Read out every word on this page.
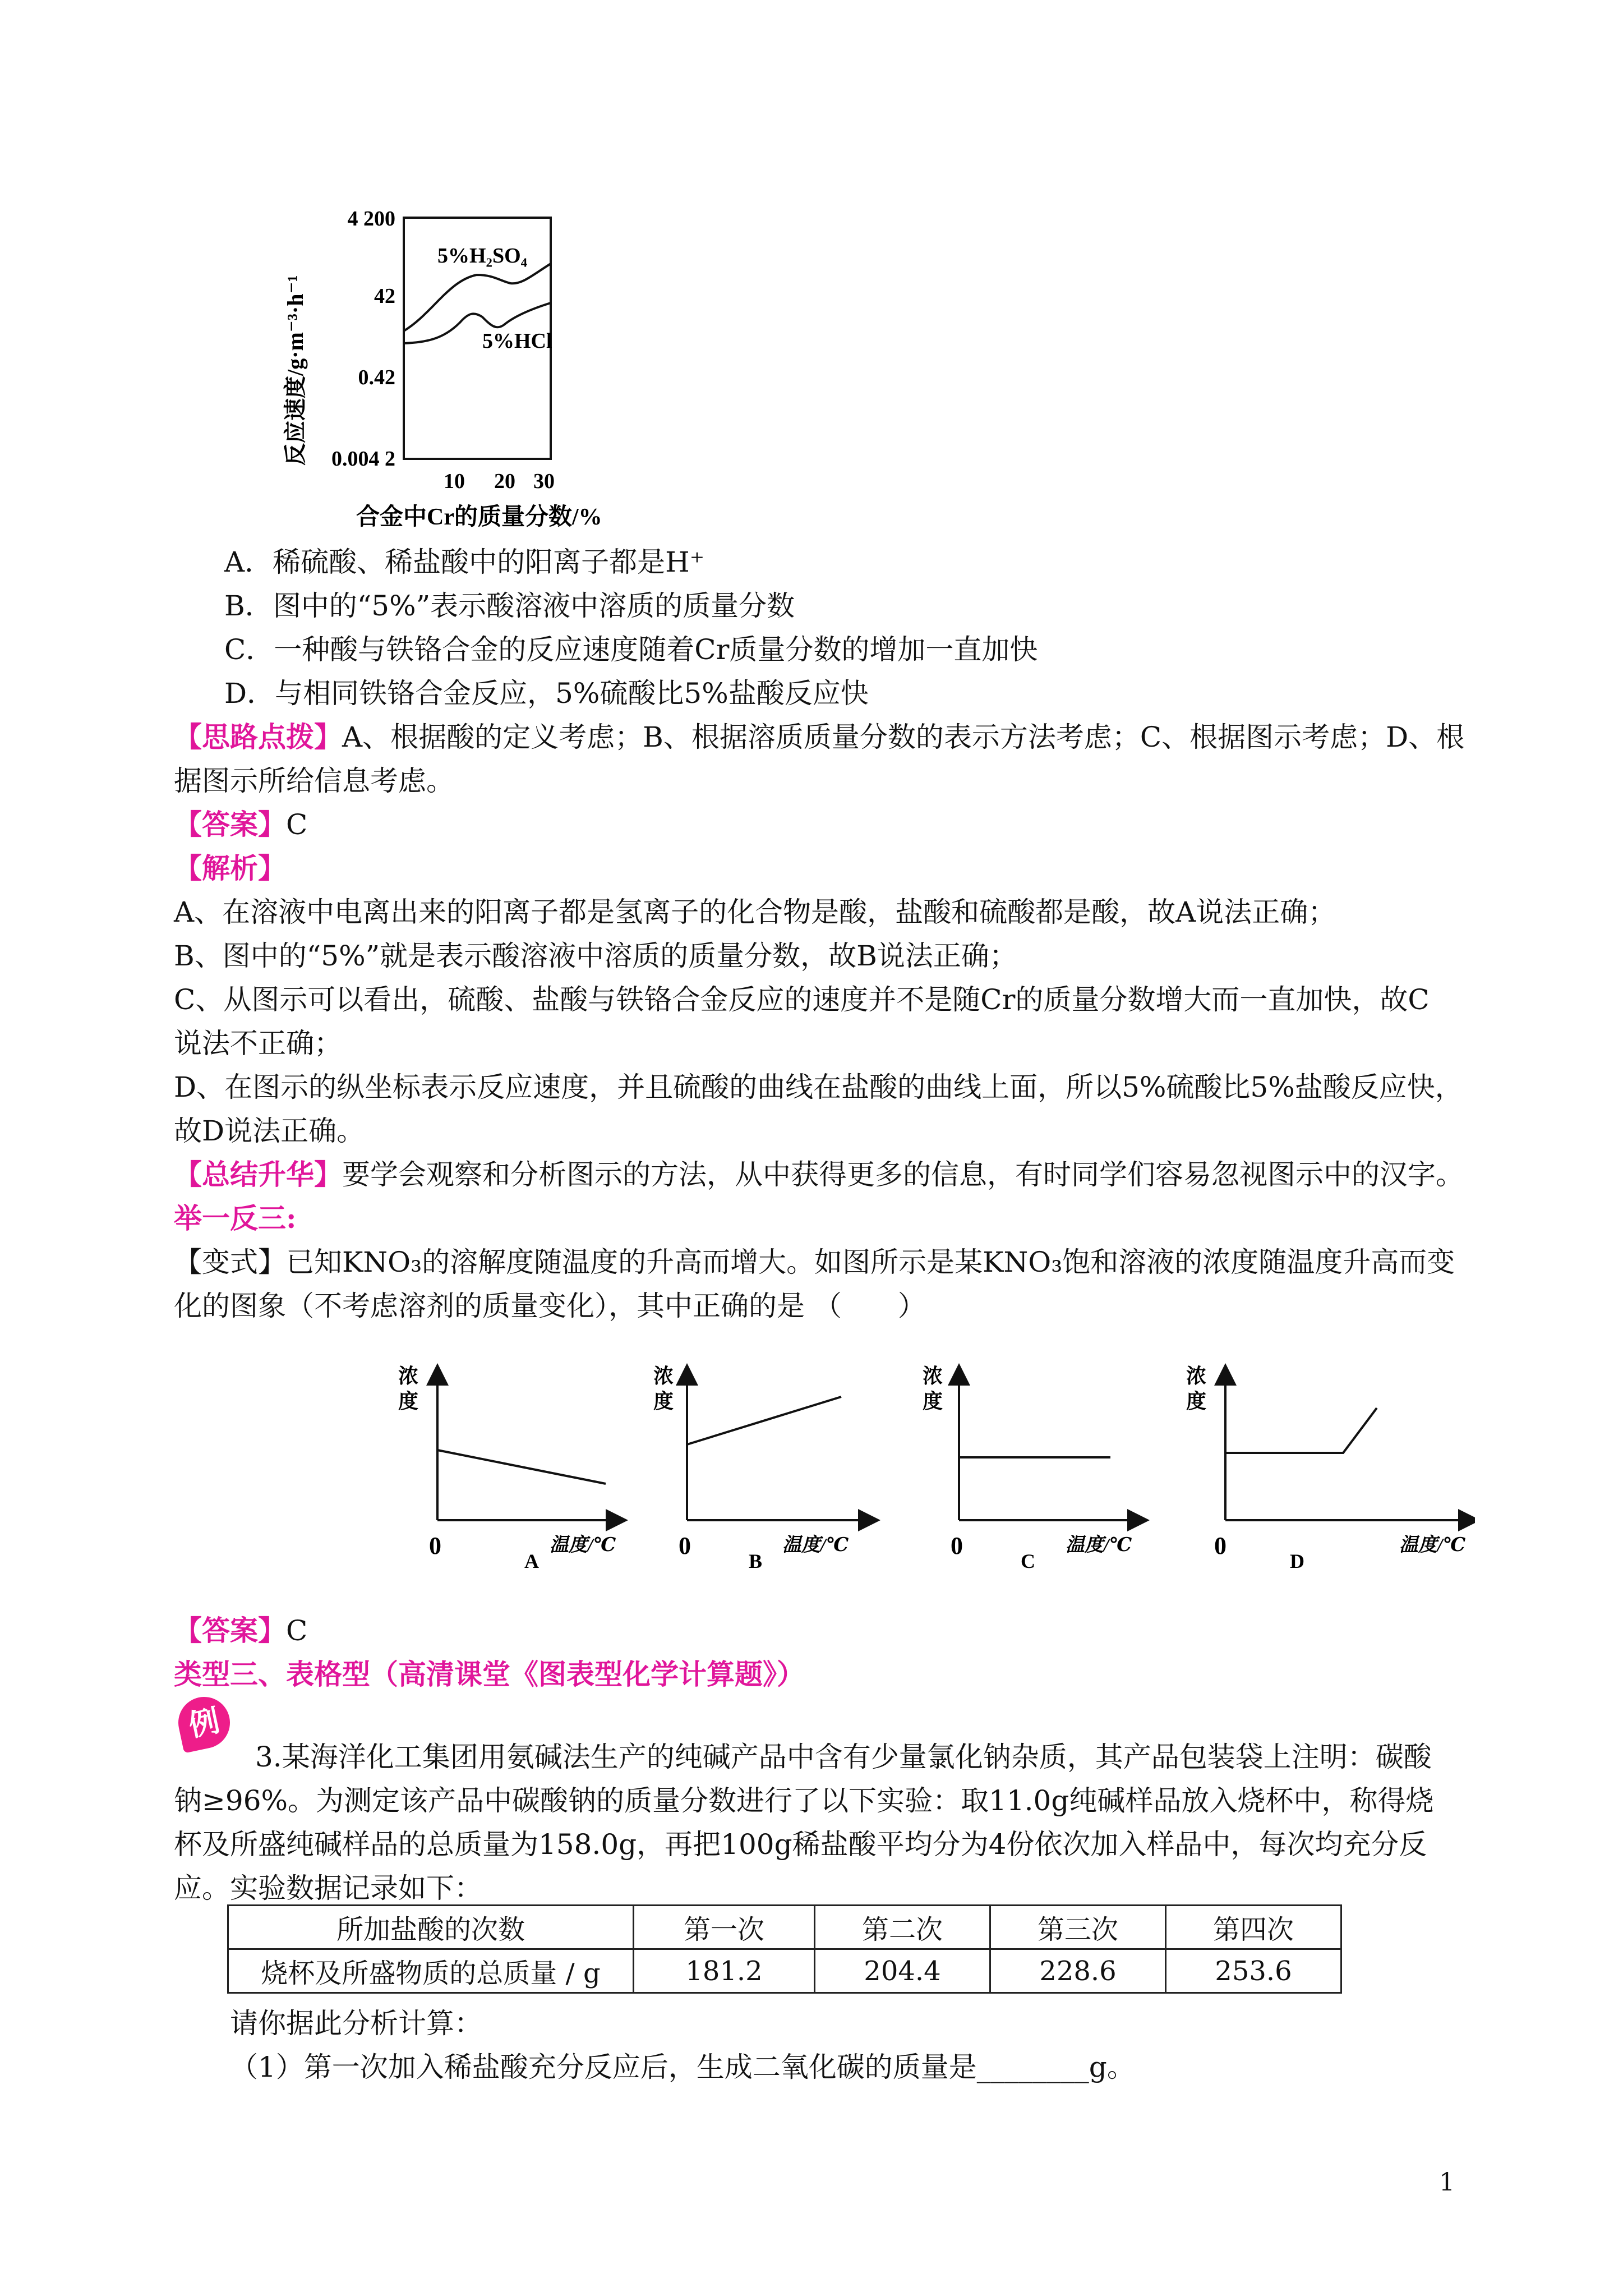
反应速度/g·m⁻³·h⁻¹
4 200
42
0.42
0.004 2
10 20 30
5%H₂SO₄
5%HCl
合金中Cr的质量分数/%
A．稀硫酸、稀盐酸中的阳离子都是H⁺
B．图中的“5%”表示酸溶液中溶质的质量分数
C．一种酸与铁铬合金的反应速度随着Cr质量分数的增加一直加快
D．与相同铁铬合金反应，5%硫酸比5%盐酸反应快
【思路点拨】A、根据酸的定义考虑；B、根据溶质质量分数的表示方法考虑；C、根据图示考虑；D、根
据图示所给信息考虑。
【答案】C
【解析】
A、在溶液中电离出来的阳离子都是氢离子的化合物是酸，盐酸和硫酸都是酸，故A说法正确；
B、图中的“5%”就是表示酸溶液中溶质的质量分数，故B说法正确；
C、从图示可以看出，硫酸、盐酸与铁铬合金反应的速度并不是随Cr的质量分数增大而一直加快，故C
说法不正确；
D、在图示的纵坐标表示反应速度，并且硫酸的曲线在盐酸的曲线上面，所以5%硫酸比5%盐酸反应快，
故D说法正确。
【总结升华】要学会观察和分析图示的方法，从中获得更多的信息，有时同学们容易忽视图示中的汉字。
举一反三:
【变式】已知KNO₃的溶解度随温度的升高而增大。如图所示是某KNO₃饱和溶液的浓度随温度升高而变
化的图象（不考虑溶剂的质量变化），其中正确的是 （　　）
浓
度
0
A
温度/℃
浓
度
0
B
温度/℃
浓
度
0
C
温度/℃
浓
度
0
D
温度/℃
【答案】C
类型三、表格型（高清课堂《图表型化学计算题》）
例
3.某海洋化工集团用氨碱法生产的纯碱产品中含有少量氯化钠杂质，其产品包装袋上注明：碳酸
钠≥96%。为测定该产品中碳酸钠的质量分数进行了以下实验：取11.0g纯碱样品放入烧杯中，称得烧
杯及所盛纯碱样品的总质量为158.0g，再把100g稀盐酸平均分为4份依次加入样品中，每次均充分反
应。实验数据记录如下：
所加盐酸的次数	第一次	第二次	第三次	第四次
烧杯及所盛物质的总质量 / g	181.2	204.4	228.6	253.6
请你据此分析计算：
（1）第一次加入稀盐酸充分反应后，生成二氧化碳的质量是________g。
1
